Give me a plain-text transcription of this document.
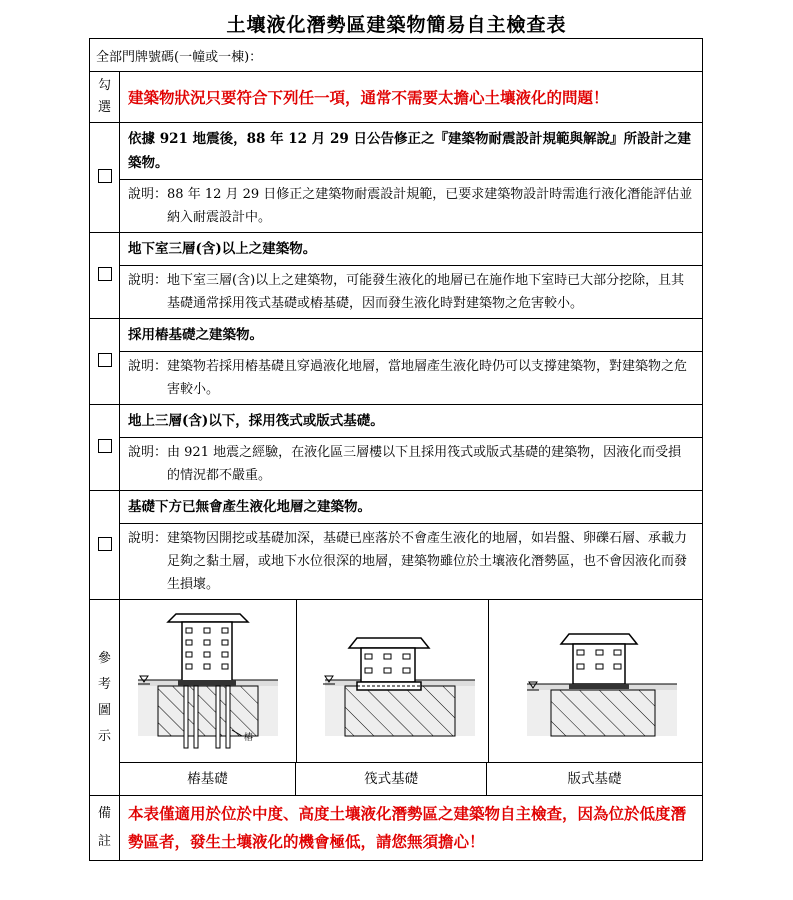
土壤液化潛勢區建築物簡易自主檢查表
全部門牌號碼(一幢或一棟)：	

勾
選	建築物狀況只要符合下列任一項，通常不需要太擔心土壤液化的問題！
	依據 921 地震後，88 年 12 月 29 日公告修正之『建築物耐震設計規範與解說』所設計之建築物。

	說明： 88 年 12 月 29 日修正之建築物耐震設計規範，已要求建築物設計時需進行液化潛能評估並納入耐震設計中。

	地下室三層(含)以上之建築物。

	說明： 地下室三層(含)以上之建築物，可能發生液化的地層已在施作地下室時已大部分挖除，且其基礎通常採用筏式基礎或樁基礎，因而發生液化時對建築物之危害較小。

	採用樁基礎之建築物。

	說明： 建築物若採用樁基礎且穿過液化地層，當地層產生液化時仍可以支撐建築物，對建築物之危害較小。

	地上三層(含)以下，採用筏式或版式基礎。

	說明： 由 921 地震之經驗，在液化區三層樓以下且採用筏式或版式基礎的建築物，因液化而受損的情況都不嚴重。

	基礎下方已無會產生液化地層之建築物。

	說明： 建築物因開挖或基礎加深，基礎已座落於不會產生液化的地層，如岩盤、卵礫石層、承載力足夠之黏土層，或地下水位很深的地層，建築物雖位於土壤液化潛勢區，也不會因液化而發生損壞。

參
考
圖
示	樁

	樁基礎 筏式基礎 版式基礎

備
註	本表僅適用於位於中度、高度土壤液化潛勢區之建築物自主檢查，因為位於低度潛勢區者，發生土壤液化的機會極低，請您無須擔心！
